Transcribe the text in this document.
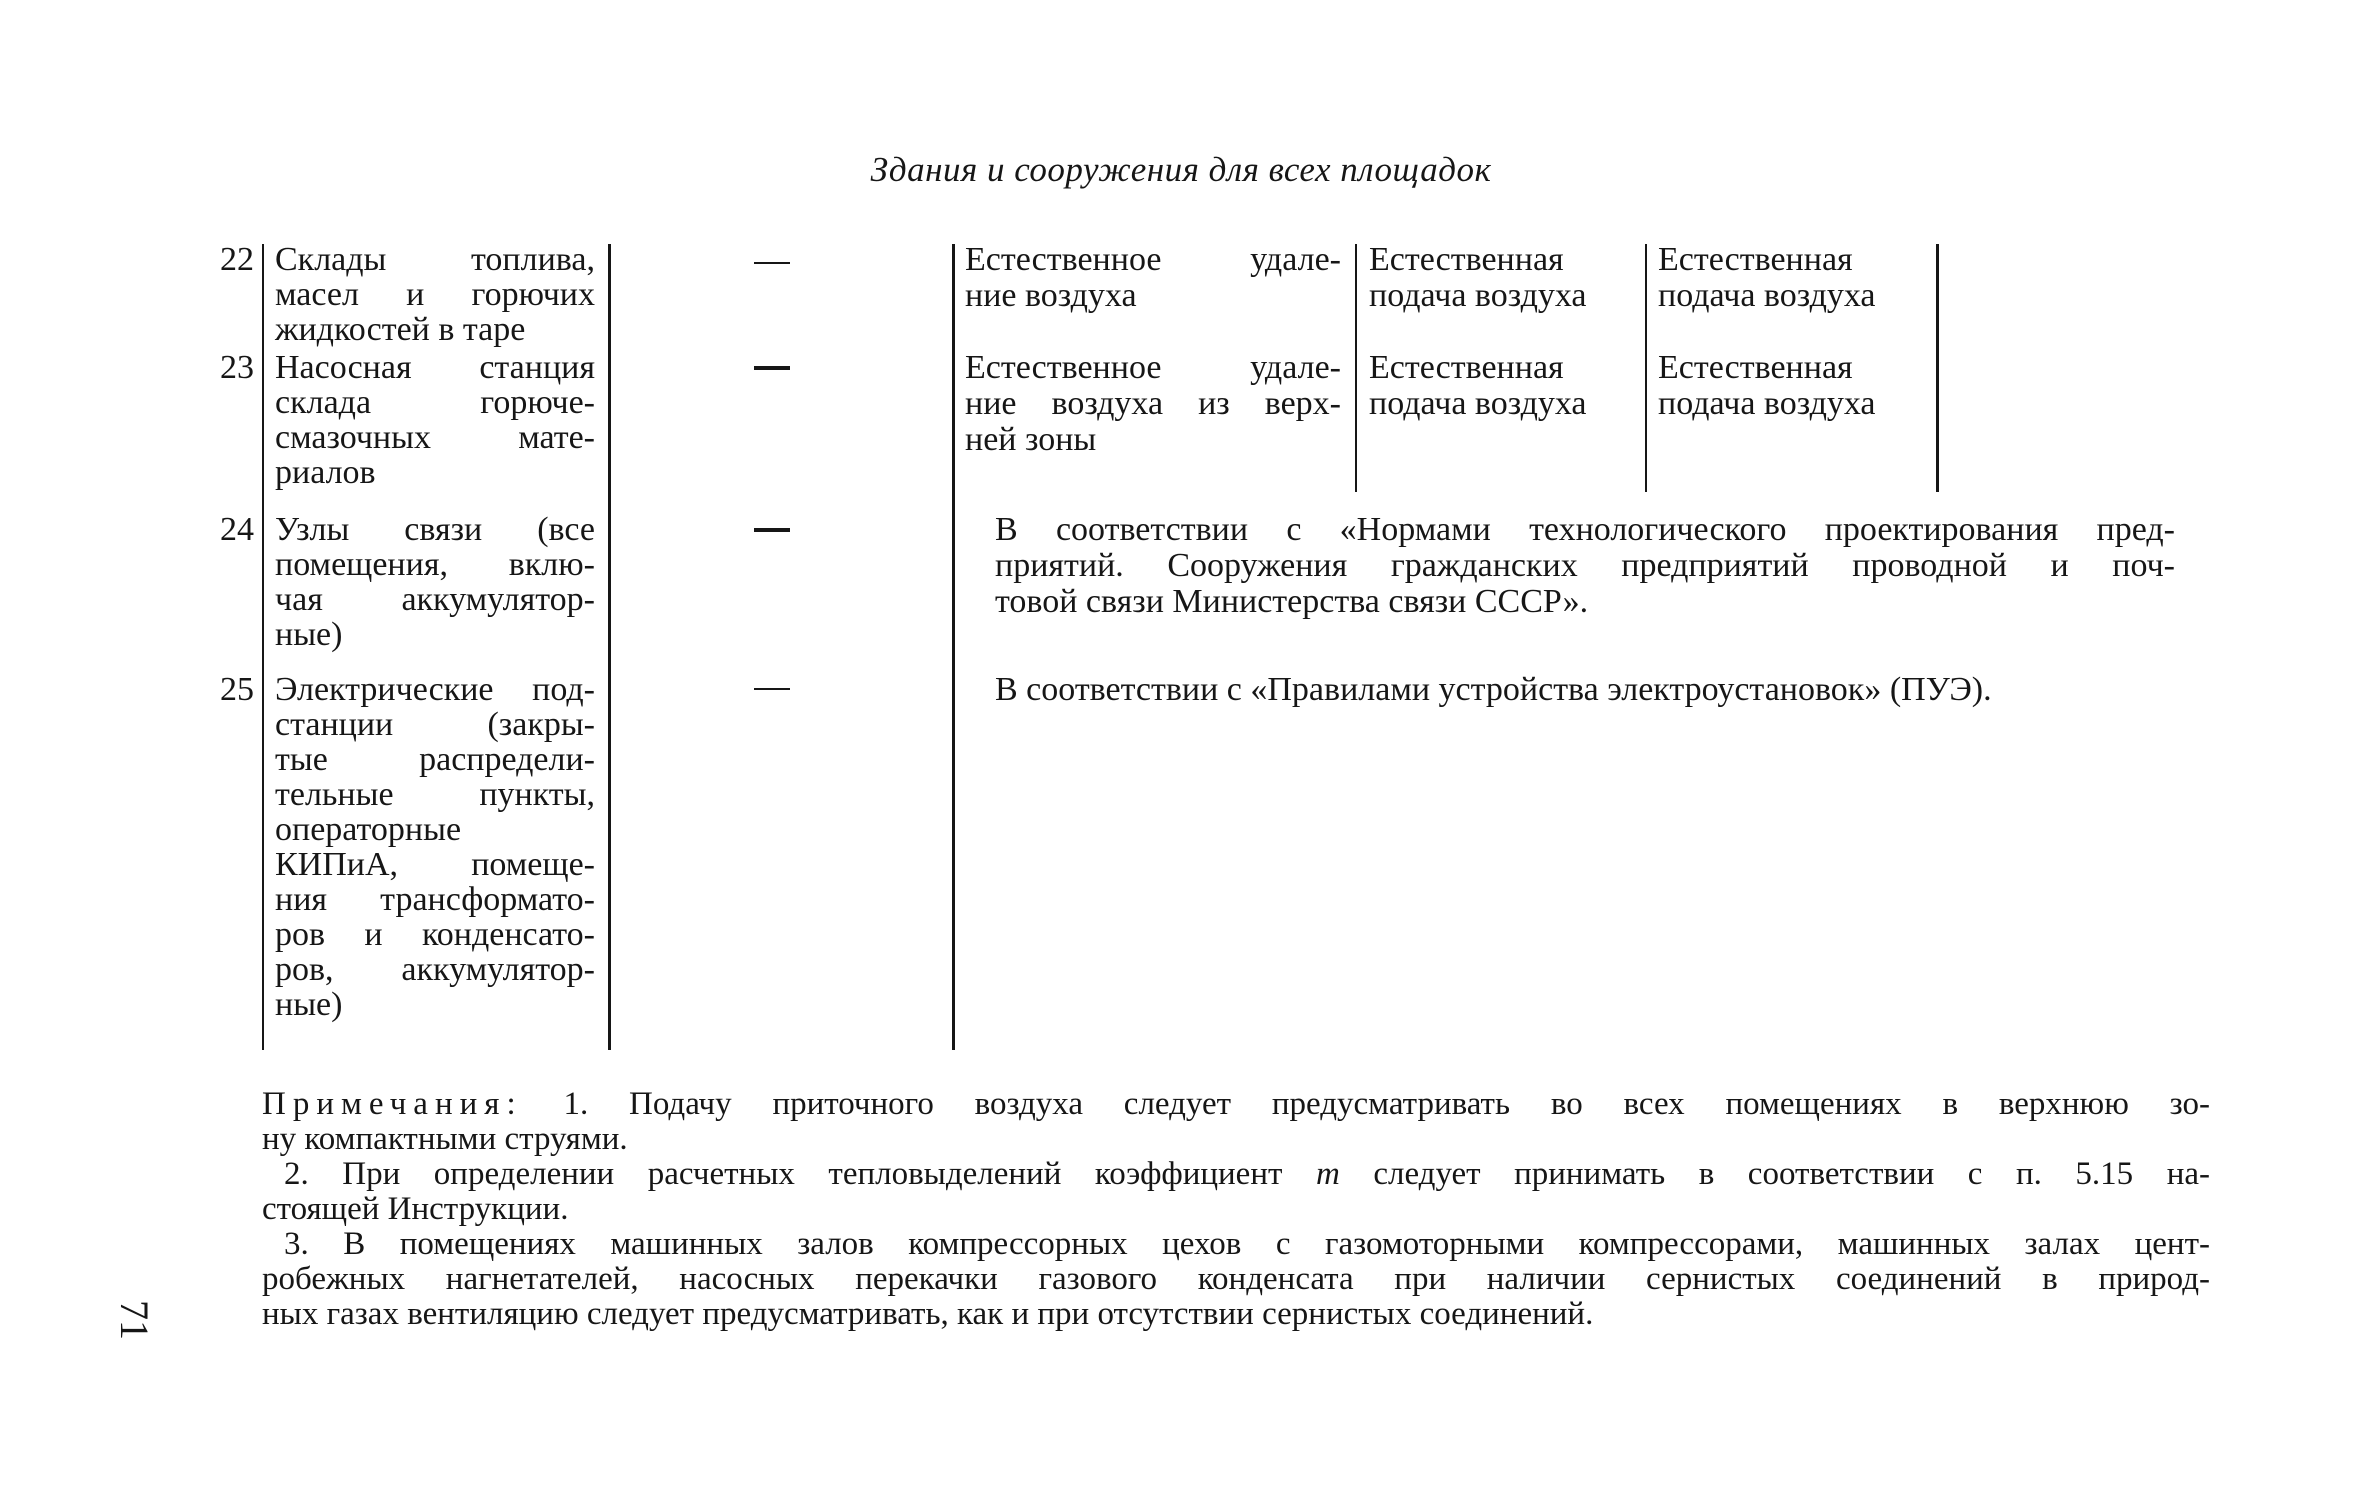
Здания и сооружения для всех площадок
22 Склады топлива,
масел и горючих
жидкостей в таре
Естественное удале-
ние воздуха
Естественная
подача воздуха
Естественная
подача воздуха
23 Насосная станция
склада горюче-
смазочных мате-
риалов
Естественное удале-
ние воздуха из верх-
ней зоны
Естественная
подача воздуха
Естественная
подача воздуха
24 Узлы связи (все
помещения, вклю-
чая аккумулятор-
ные)
В соответствии с «Нормами технологического проектирования пред-
приятий. Сооружения гражданских предприятий проводной и поч-
товой связи Министерства связи СССР».
25 Электрические под-
станции (закры-
тые распредели-
тельные пункты,
операторные
КИПиА, помеще-
ния трансформато-
ров и конденсато-
ров, аккумулятор-
ные)
В соответствии с «Правилами устройства электроустановок» (ПУЭ).
Примечания: 1. Подачу приточного воздуха следует предусматривать во всех помещениях в верхнюю зо-
ну компактными струями.
2. При определении расчетных тепловыделений коэффициент m следует принимать в соответствии с п. 5.15 на-
стоящей Инструкции.
3. В помещениях машинных залов компрессорных цехов с газомоторными компрессорами, машинных залах цент-
робежных нагнетателей, насосных перекачки газового конденсата при наличии сернистых соединений в природ-
ных газах вентиляцию следует предусматривать, как и при отсутствии сернистых соединений.
71
